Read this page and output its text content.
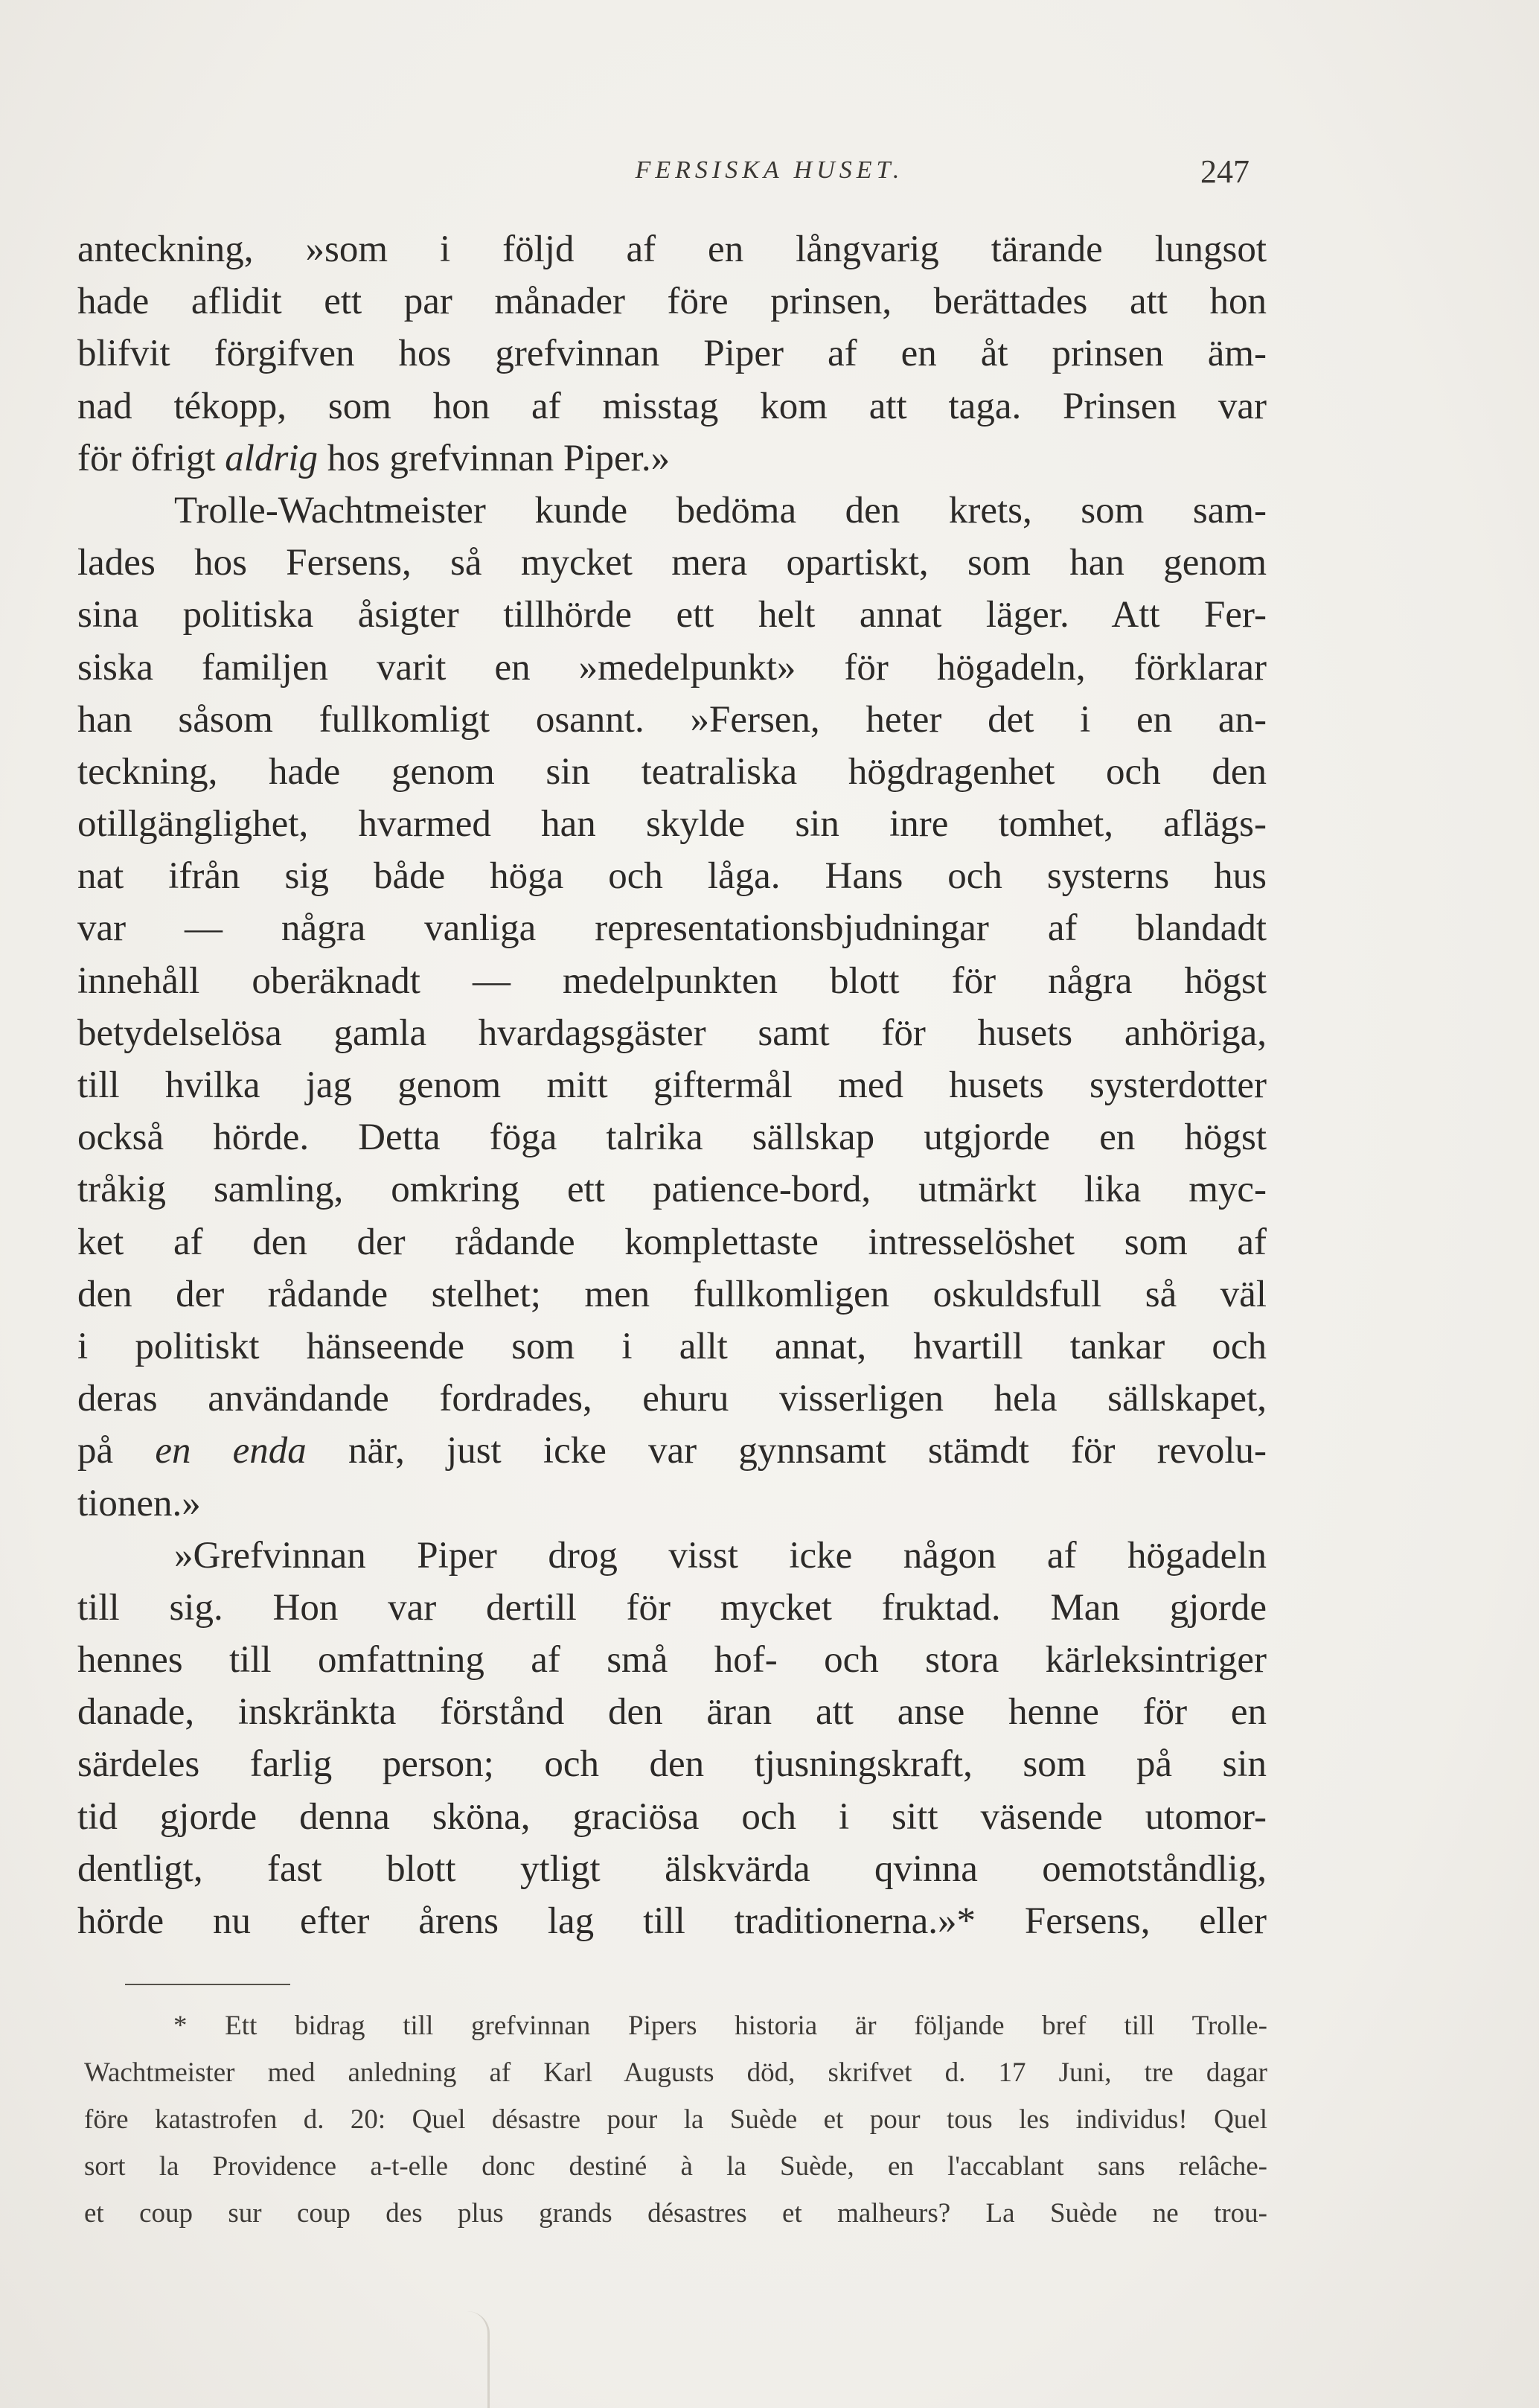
FERSISKA HUSET.	247
anteckning, »som i följd af en långvarig tärande lungsot
hade aflidit ett par månader före prinsen, berättades att hon
blifvit förgifven hos grefvinnan Piper af en åt prinsen äm-
nad tékopp, som hon af misstag kom att taga. Prinsen var
för öfrigt aldrig hos grefvinnan Piper.»
Trolle-Wachtmeister kunde bedöma den krets, som sam-
lades hos Fersens, så mycket mera opartiskt, som han genom
sina politiska åsigter tillhörde ett helt annat läger. Att Fer-
siska familjen varit en »medelpunkt» för högadeln, förklarar
han såsom fullkomligt osannt. »Fersen, heter det i en an-
teckning, hade genom sin teatraliska högdragenhet och den
otillgänglighet, hvarmed han skylde sin inre tomhet, aflägs-
nat ifrån sig både höga och låga. Hans och systerns hus
var — några vanliga representationsbjudningar af blandadt
innehåll oberäknadt — medelpunkten blott för några högst
betydelselösa gamla hvardagsgäster samt för husets anhöriga,
till hvilka jag genom mitt giftermål med husets systerdotter
också hörde. Detta föga talrika sällskap utgjorde en högst
tråkig samling, omkring ett patience-bord, utmärkt lika myc-
ket af den der rådande komplettaste intresselöshet som af
den der rådande stelhet; men fullkomligen oskuldsfull så väl
i politiskt hänseende som i allt annat, hvartill tankar och
deras användande fordrades, ehuru visserligen hela sällskapet,
på en enda när, just icke var gynnsamt stämdt för revolu-
tionen.»
»Grefvinnan Piper drog visst icke någon af högadeln
till sig. Hon var dertill för mycket fruktad. Man gjorde
hennes till omfattning af små hof- och stora kärleksintriger
danade, inskränkta förstånd den äran att anse henne för en
särdeles farlig person; och den tjusningskraft, som på sin
tid gjorde denna sköna, graciösa och i sitt väsende utomor-
dentligt, fast blott ytligt älskvärda qvinna oemotståndlig,
hörde nu efter årens lag till traditionerna.»* Fersens, eller
* Ett bidrag till grefvinnan Pipers historia är följande bref till Trolle-
Wachtmeister med anledning af Karl Augusts död, skrifvet d. 17 Juni, tre dagar
före katastrofen d. 20: Quel désastre pour la Suède et pour tous les individus! Quel
sort la Providence a-t-elle donc destiné à la Suède, en l'accablant sans relâche-
et coup sur coup des plus grands désastres et malheurs? La Suède ne trou-
